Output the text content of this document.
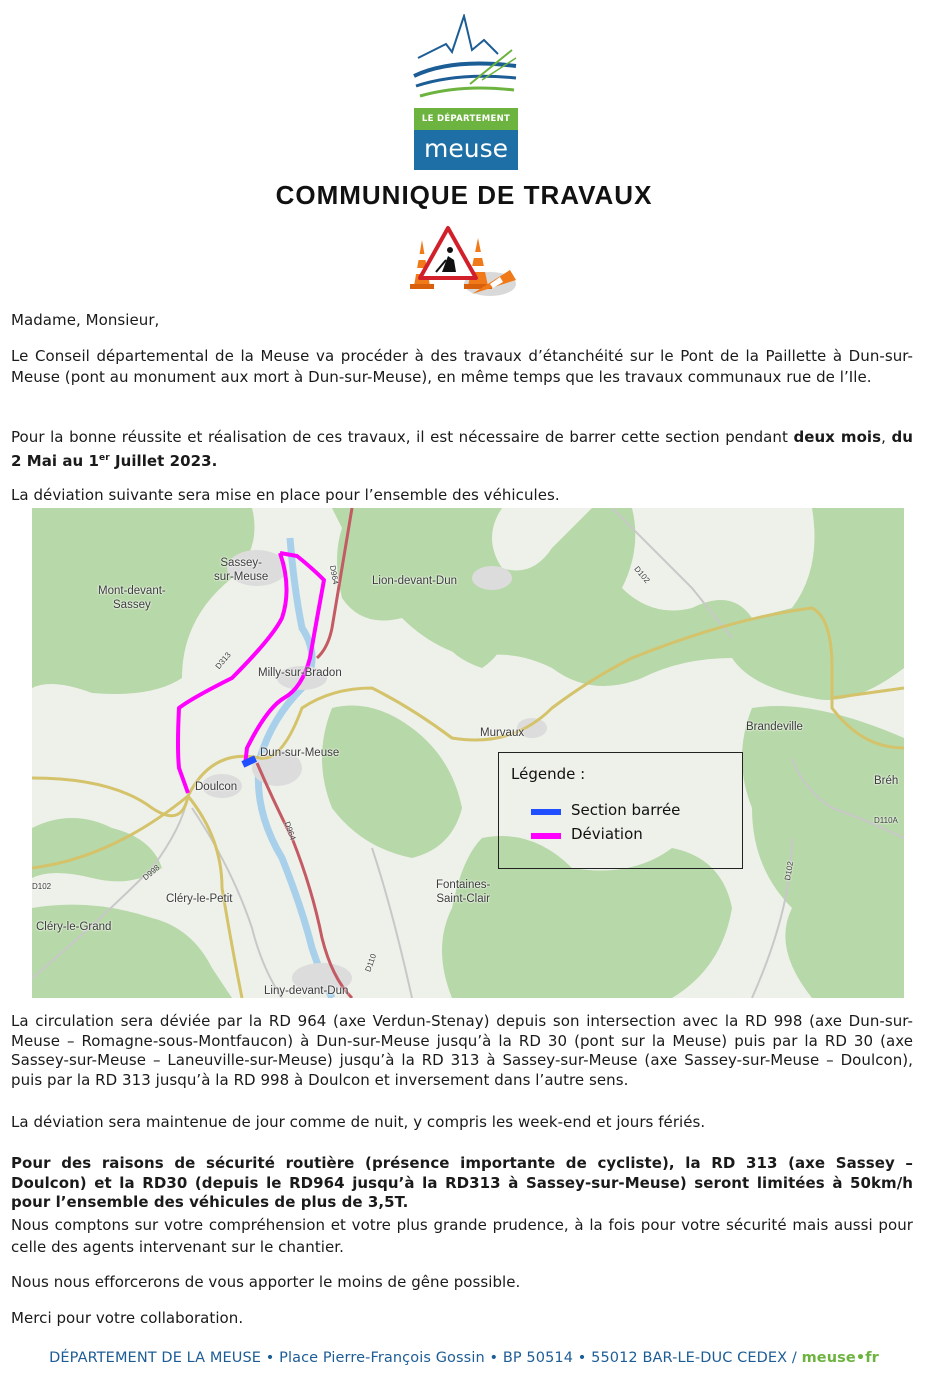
LE DÉPARTEMENT
meuse
COMMUNIQUE DE TRAVAUX
Madame, Monsieur,
Le Conseil départemental de la Meuse va procéder à des travaux d’étanchéité sur le Pont de la Paillette à Dun-sur-Meuse (pont au monument aux mort à Dun-sur-Meuse), en même temps que les travaux communaux rue de l’Ile.
Pour la bonne réussite et réalisation de ces travaux, il est nécessaire de barrer cette section pendant deux mois, du 2 Mai au 1er Juillet 2023.
La déviation suivante sera mise en place pour l’ensemble des véhicules.
Sassey-
sur-Meuse
Mont-devant-
Sassey
Lion-devant-Dun
Milly-sur-Bradon
Murvaux	Brandeville
Dun-sur-Meuse
Doulcon	Bréh
Fontaines-
Saint-Clair
Cléry-le-Petit
Cléry-le-Grand
Liny-devant-Dun
D964
D964
D313
D102
D110A
D110
D102
D998
D102
Légende :
Section barrée
Déviation
La circulation sera déviée par la RD 964 (axe Verdun-Stenay) depuis son intersection avec la RD 998 (axe Dun-sur-Meuse – Romagne-sous-Montfaucon) à Dun-sur-Meuse jusqu’à la RD 30 (pont sur la Meuse) puis par la RD 30 (axe Sassey-sur-Meuse – Laneuville-sur-Meuse) jusqu’à la RD 313 à Sassey-sur-Meuse (axe Sassey-sur-Meuse – Doulcon), puis par la RD 313 jusqu’à la RD 998 à Doulcon et inversement dans l’autre sens.
La déviation sera maintenue de jour comme de nuit, y compris les week-end et jours fériés.
Pour des raisons de sécurité routière (présence importante de cycliste), la RD 313 (axe Sassey – Doulcon) et la RD30 (depuis le RD964 jusqu’à la RD313 à Sassey-sur-Meuse) seront limitées à 50km/h pour l’ensemble des véhicules de plus de 3,5T.
Nous comptons sur votre compréhension et votre plus grande prudence, à la fois pour votre sécurité mais aussi pour celle des agents intervenant sur le chantier.
Nous nous efforcerons de vous apporter le moins de gêne possible.
Merci pour votre collaboration.
DÉPARTEMENT DE LA MEUSE • Place Pierre-François Gossin • BP 50514 • 55012 BAR-LE-DUC CEDEX / meuse•fr
